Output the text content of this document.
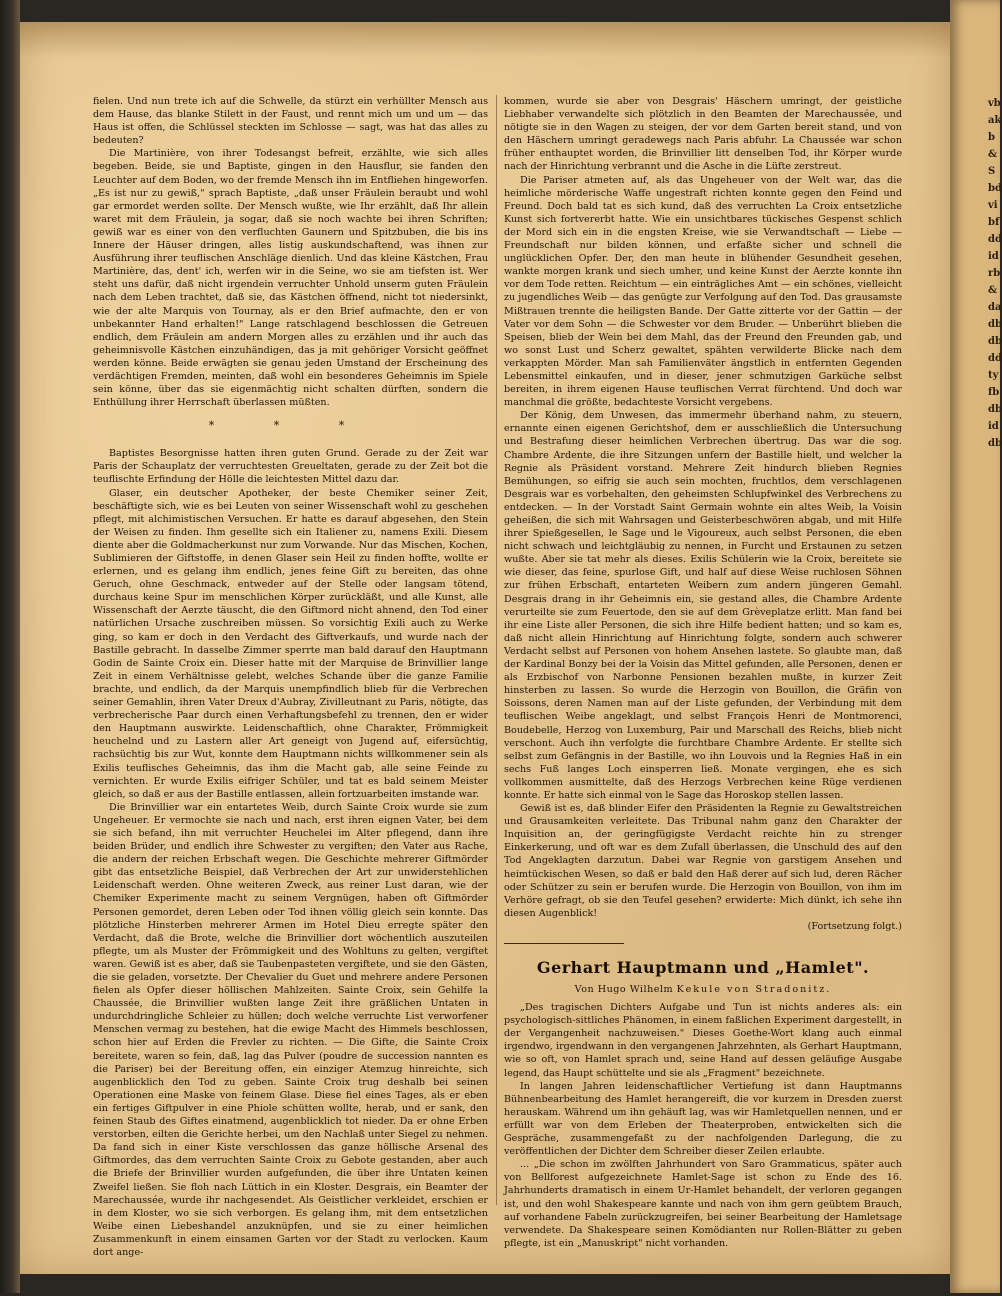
vbakb&Sbdvibfddidrb&dadbdbddtyfbdbiddb

fielen. Und nun trete ich auf die Schwelle, da stürzt ein verhüllter Mensch aus dem Hause, das blanke Stilett in der Faust, und rennt mich um und um — das Haus ist offen, die Schlüssel steckten im Schlosse — sagt, was hat das alles zu bedeuten?

Die Martinière, von ihrer Todesangst befreit, erzählte, wie sich alles begeben. Beide, sie und Baptiste, gingen in den Hausflur, sie fanden den Leuchter auf dem Boden, wo der fremde Mensch ihn im Entfliehen hingeworfen. „Es ist nur zu gewiß," sprach Baptiste, „daß unser Fräulein beraubt und wohl gar ermordet werden sollte. Der Mensch wußte, wie Ihr erzählt, daß Ihr allein waret mit dem Fräulein, ja sogar, daß sie noch wachte bei ihren Schriften; gewiß war es einer von den verfluchten Gaunern und Spitzbuben, die bis ins Innere der Häuser dringen, alles listig auskundschaftend, was ihnen zur Ausführung ihrer teuflischen Anschläge dienlich. Und das kleine Kästchen, Frau Martinière, das, dent' ich, werfen wir in die Seine, wo sie am tiefsten ist. Wer steht uns dafür, daß nicht irgendein verruchter Unhold unserm guten Fräulein nach dem Leben trachtet, daß sie, das Kästchen öffnend, nicht tot niedersinkt, wie der alte Marquis von Tournay, als er den Brief aufmachte, den er von unbekannter Hand erhalten!" Lange ratschlagend beschlossen die Getreuen endlich, dem Fräulein am andern Morgen alles zu erzählen und ihr auch das geheimnisvolle Kästchen einzuhändigen, das ja mit gehöriger Vorsicht geöffnet werden könne. Beide erwägten sie genau jeden Umstand der Erscheinung des verdächtigen Fremden, meinten, daß wohl ein besonderes Geheimnis im Spiele sein könne, über das sie eigenmächtig nicht schalten dürften, sondern die Enthüllung ihrer Herrschaft überlassen müßten.

* * *

Baptistes Besorgnisse hatten ihren guten Grund. Gerade zu der Zeit war Paris der Schauplatz der verruchtesten Greueltaten, gerade zu der Zeit bot die teuflischte Erfindung der Hölle die leichtesten Mittel dazu dar.

Glaser, ein deutscher Apotheker, der beste Chemiker seiner Zeit, beschäftigte sich, wie es bei Leuten von seiner Wissenschaft wohl zu geschehen pflegt, mit alchimistischen Versuchen. Er hatte es darauf abgesehen, den Stein der Weisen zu finden. Ihm gesellte sich ein Italiener zu, namens Exili. Diesem diente aber die Goldmacherkunst nur zum Vorwande. Nur das Mischen, Kochen, Sublimieren der Giftstoffe, in denen Glaser sein Heil zu finden hoffte, wollte er erlernen, und es gelang ihm endlich, jenes feine Gift zu bereiten, das ohne Geruch, ohne Geschmack, entweder auf der Stelle oder langsam tötend, durchaus keine Spur im menschlichen Körper zurückläßt, und alle Kunst, alle Wissenschaft der Aerzte täuscht, die den Giftmord nicht ahnend, den Tod einer natürlichen Ursache zuschreiben müssen. So vorsichtig Exili auch zu Werke ging, so kam er doch in den Verdacht des Giftverkaufs, und wurde nach der Bastille gebracht. In dasselbe Zimmer sperrte man bald darauf den Hauptmann Godin de Sainte Croix ein. Dieser hatte mit der Marquise de Brinvillier lange Zeit in einem Verhältnisse gelebt, welches Schande über die ganze Familie brachte, und endlich, da der Marquis unempfindlich blieb für die Verbrechen seiner Gemahlin, ihren Vater Dreux d'Aubray, Zivilleutnant zu Paris, nötigte, das verbrecherische Paar durch einen Verhaftungsbefehl zu trennen, den er wider den Hauptmann auswirkte. Leidenschaftlich, ohne Charakter, Frömmigkeit heuchelnd und zu Lastern aller Art geneigt von Jugend auf, eifersüchtig, rachsüchtig bis zur Wut, konnte dem Hauptmann nichts willkommener sein als Exilis teuflisches Geheimnis, das ihm die Macht gab, alle seine Feinde zu vernichten. Er wurde Exilis eifriger Schüler, und tat es bald seinem Meister gleich, so daß er aus der Bastille entlassen, allein fortzuarbeiten imstande war.

Die Brinvillier war ein entartetes Weib, durch Sainte Croix wurde sie zum Ungeheuer. Er vermochte sie nach und nach, erst ihren eignen Vater, bei dem sie sich befand, ihn mit verruchter Heuchelei im Alter pflegend, dann ihre beiden Brüder, und endlich ihre Schwester zu vergiften; den Vater aus Rache, die andern der reichen Erbschaft wegen. Die Geschichte mehrerer Giftmörder gibt das entsetzliche Beispiel, daß Verbrechen der Art zur unwiderstehlichen Leidenschaft werden. Ohne weiteren Zweck, aus reiner Lust daran, wie der Chemiker Experimente macht zu seinem Vergnügen, haben oft Giftmörder Personen gemordet, deren Leben oder Tod ihnen völlig gleich sein konnte. Das plötzliche Hinsterben mehrerer Armen im Hotel Dieu erregte später den Verdacht, daß die Brote, welche die Brinvillier dort wöchentlich auszuteilen pflegte, um als Muster der Frömmigkeit und des Wohltuns zu gelten, vergiftet waren. Gewiß ist es aber, daß sie Taubenpasteten vergiftete, und sie den Gästen, die sie geladen, vorsetzte. Der Chevalier du Guet und mehrere andere Personen fielen als Opfer dieser höllischen Mahlzeiten. Sainte Croix, sein Gehilfe la Chaussée, die Brinvillier wußten lange Zeit ihre gräßlichen Untaten in undurchdringliche Schleier zu hüllen; doch welche verruchte List verworfener Menschen vermag zu bestehen, hat die ewige Macht des Himmels beschlossen, schon hier auf Erden die Frevler zu richten. — Die Gifte, die Sainte Croix bereitete, waren so fein, daß, lag das Pulver (poudre de succession nannten es die Pariser) bei der Bereitung offen, ein einziger Atemzug hinreichte, sich augenblicklich den Tod zu geben. Sainte Croix trug deshalb bei seinen Operationen eine Maske von feinem Glase. Diese fiel eines Tages, als er eben ein fertiges Giftpulver in eine Phiole schütten wollte, herab, und er sank, den feinen Staub des Giftes einatmend, augenblicklich tot nieder. Da er ohne Erben verstorben, eilten die Gerichte herbei, um den Nachlaß unter Siegel zu nehmen. Da fand sich in einer Kiste verschlossen das ganze höllische Arsenal des Giftmordes, das dem verruchten Sainte Croix zu Gebote gestanden, aber auch die Briefe der Brinvillier wurden aufgefunden, die über ihre Untaten keinen Zweifel ließen. Sie floh nach Lüttich in ein Kloster. Desgrais, ein Beamter der Marechaussée, wurde ihr nachgesendet. Als Geistlicher verkleidet, erschien er in dem Kloster, wo sie sich verborgen. Es gelang ihm, mit dem entsetzlichen Weibe einen Liebeshandel anzuknüpfen, und sie zu einer heimlichen Zusammenkunft in einem einsamen Garten vor der Stadt zu verlocken. Kaum dort ange-

kommen, wurde sie aber von Desgrais' Häschern umringt, der geistliche Liebhaber verwandelte sich plötzlich in den Beamten der Marechaussée, und nötigte sie in den Wagen zu steigen, der vor dem Garten bereit stand, und von den Häschern umringt geradewegs nach Paris abfuhr. La Chaussée war schon früher enthauptet worden, die Brinvillier litt denselben Tod, ihr Körper wurde nach der Hinrichtung verbrannt und die Asche in die Lüfte zerstreut.

Die Pariser atmeten auf, als das Ungeheuer von der Welt war, das die heimliche mörderische Waffe ungestraft richten konnte gegen den Feind und Freund. Doch bald tat es sich kund, daß des verruchten La Croix entsetzliche Kunst sich fortvererbt hatte. Wie ein unsichtbares tückisches Gespenst schlich der Mord sich ein in die engsten Kreise, wie sie Verwandtschaft — Liebe — Freundschaft nur bilden können, und erfaßte sicher und schnell die unglücklichen Opfer. Der, den man heute in blühender Gesundheit gesehen, wankte morgen krank und siech umher, und keine Kunst der Aerzte konnte ihn vor dem Tode retten. Reichtum — ein einträgliches Amt — ein schönes, vielleicht zu jugendliches Weib — das genügte zur Verfolgung auf den Tod. Das grausamste Mißtrauen trennte die heiligsten Bande. Der Gatte zitterte vor der Gattin — der Vater vor dem Sohn — die Schwester vor dem Bruder. — Unberührt blieben die Speisen, blieb der Wein bei dem Mahl, das der Freund den Freunden gab, und wo sonst Lust und Scherz gewaltet, spähten verwilderte Blicke nach dem verkappten Mörder. Man sah Familienväter ängstlich in entfernten Gegenden Lebensmittel einkaufen, und in dieser, jener schmutzigen Garküche selbst bereiten, in ihrem eigenen Hause teuflischen Verrat fürchtend. Und doch war manchmal die größte, bedachteste Vorsicht vergebens.

Der König, dem Unwesen, das immermehr überhand nahm, zu steuern, ernannte einen eigenen Gerichtshof, dem er ausschließlich die Untersuchung und Bestrafung dieser heimlichen Verbrechen übertrug. Das war die sog. Chambre Ardente, die ihre Sitzungen unfern der Bastille hielt, und welcher la Regnie als Präsident vorstand. Mehrere Zeit hindurch blieben Regnies Bemühungen, so eifrig sie auch sein mochten, fruchtlos, dem verschlagenen Desgrais war es vorbehalten, den geheimsten Schlupfwinkel des Verbrechens zu entdecken. — In der Vorstadt Saint Germain wohnte ein altes Weib, la Voisin geheißen, die sich mit Wahrsagen und Geisterbeschwören abgab, und mit Hilfe ihrer Spießgesellen, le Sage und le Vigoureux, auch selbst Personen, die eben nicht schwach und leichtgläubig zu nennen, in Furcht und Erstaunen zu setzen wußte. Aber sie tat mehr als dieses. Exilis Schülerin wie la Croix, bereitete sie wie dieser, das feine, spurlose Gift, und half auf diese Weise ruchlosen Söhnen zur frühen Erbschaft, entarteten Weibern zum andern jüngeren Gemahl. Desgrais drang in ihr Geheimnis ein, sie gestand alles, die Chambre Ardente verurteilte sie zum Feuertode, den sie auf dem Grèveplatze erlitt. Man fand bei ihr eine Liste aller Personen, die sich ihre Hilfe bedient hatten; und so kam es, daß nicht allein Hinrichtung auf Hinrichtung folgte, sondern auch schwerer Verdacht selbst auf Personen von hohem Ansehen lastete. So glaubte man, daß der Kardinal Bonzy bei der la Voisin das Mittel gefunden, alle Personen, denen er als Erzbischof von Narbonne Pensionen bezahlen mußte, in kurzer Zeit hinsterben zu lassen. So wurde die Herzogin von Bouillon, die Gräfin von Soissons, deren Namen man auf der Liste gefunden, der Verbindung mit dem teuflischen Weibe angeklagt, und selbst François Henri de Montmorenci, Boudebelle, Herzog von Luxemburg, Pair und Marschall des Reichs, blieb nicht verschont. Auch ihn verfolgte die furchtbare Chambre Ardente. Er stellte sich selbst zum Gefängnis in der Bastille, wo ihn Louvois und la Regnies Haß in ein sechs Fuß langes Loch einsperren ließ. Monate vergingen, ehe es sich vollkommen ausmittelte, daß des Herzogs Verbrechen keine Rüge verdienen konnte. Er hatte sich einmal von le Sage das Horoskop stellen lassen.

Gewiß ist es, daß blinder Eifer den Präsidenten la Regnie zu Gewaltstreichen und Grausamkeiten verleitete. Das Tribunal nahm ganz den Charakter der Inquisition an, der geringfügigste Verdacht reichte hin zu strenger Einkerkerung, und oft war es dem Zufall überlassen, die Unschuld des auf den Tod Angeklagten darzutun. Dabei war Regnie von garstigem Ansehen und heimtückischen Wesen, so daß er bald den Haß derer auf sich lud, deren Rächer oder Schützer zu sein er berufen wurde. Die Herzogin von Bouillon, von ihm im Verhöre gefragt, ob sie den Teufel gesehen? erwiderte: Mich dünkt, ich sehe ihn diesen Augenblick!

(Fortsetzung folgt.)
Gerhart Hauptmann und „Hamlet".
Von Hugo Wilhelm Kekule von Stradonitz.

„Des tragischen Dichters Aufgabe und Tun ist nichts anderes als: ein psychologisch-sittliches Phänomen, in einem faßlichen Experiment dargestellt, in der Vergangenheit nachzuweisen." Dieses Goethe-Wort klang auch einmal irgendwo, irgendwann in den vergangenen Jahrzehnten, als Gerhart Hauptmann, wie so oft, von Hamlet sprach und, seine Hand auf dessen geläufige Ausgabe legend, das Haupt schüttelte und sie als „Fragment" bezeichnete.

In langen Jahren leidenschaftlicher Vertiefung ist dann Hauptmanns Bühnenbearbeitung des Hamlet herangereift, die vor kurzem in Dresden zuerst herauskam. Während um ihn gehäuft lag, was wir Hamletquellen nennen, und er erfüllt war von dem Erleben der Theaterproben, entwickelten sich die Gespräche, zusammengefaßt zu der nachfolgenden Darlegung, die zu veröffentlichen der Dichter dem Schreiber dieser Zeilen erlaubte.

... „Die schon im zwölften Jahrhundert von Saro Grammaticus, später auch von Bellforest aufgezeichnete Hamlet-Sage ist schon zu Ende des 16. Jahrhunderts dramatisch in einem Ur-Hamlet behandelt, der verloren gegangen ist, und den wohl Shakespeare kannte und nach von ihm gern geübtem Brauch, auf vorhandene Fabeln zurückzugreifen, bei seiner Bearbeitung der Hamletsage verwendete. Da Shakespeare seinen Komödianten nur Rollen-Blätter zu geben pflegte, ist ein „Manuskript" nicht vorhanden.
